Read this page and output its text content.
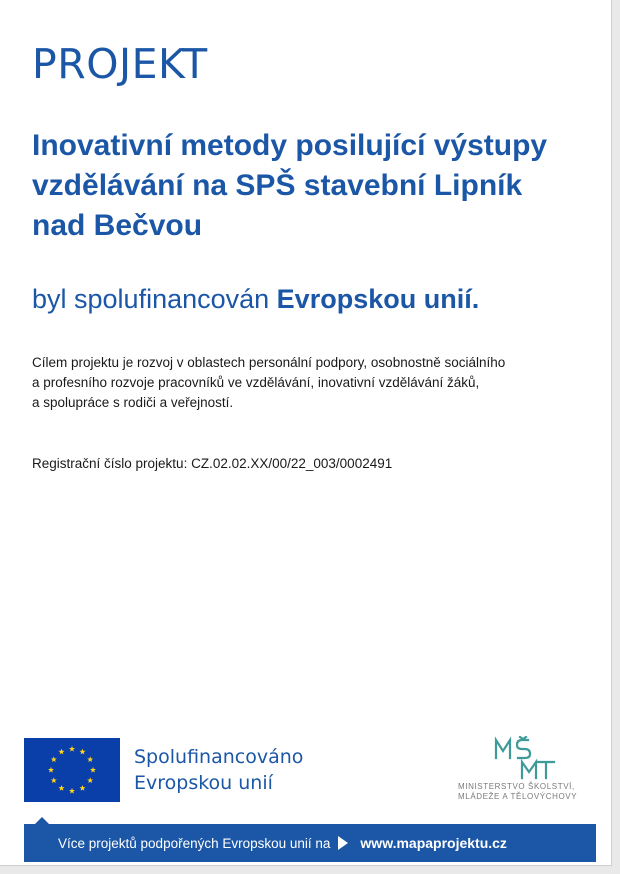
PROJEKT
Inovativní metody posilující výstupy vzdělávání na SPŠ stavební Lipník nad Bečvou

byl spolufinancován Evropskou unií.

Cílem projektu je rozvoj v oblastech personální podpory, osobnostně sociálního
a profesního rozvoje pracovníků ve vzdělávání, inovativní vzdělávání žáků,
a spolupráce s rodiči a veřejností.

Registrační číslo projektu: CZ.02.02.XX/00/22_003/0002491

Spolufinancováno
Evropskou unií	MINISTERSTVO ŠKOLSTVÍ,
MLÁDEŽE A TĚLOVÝCHOVY
Více projektů podpořených Evropskou unií na www.mapaprojektu.cz
